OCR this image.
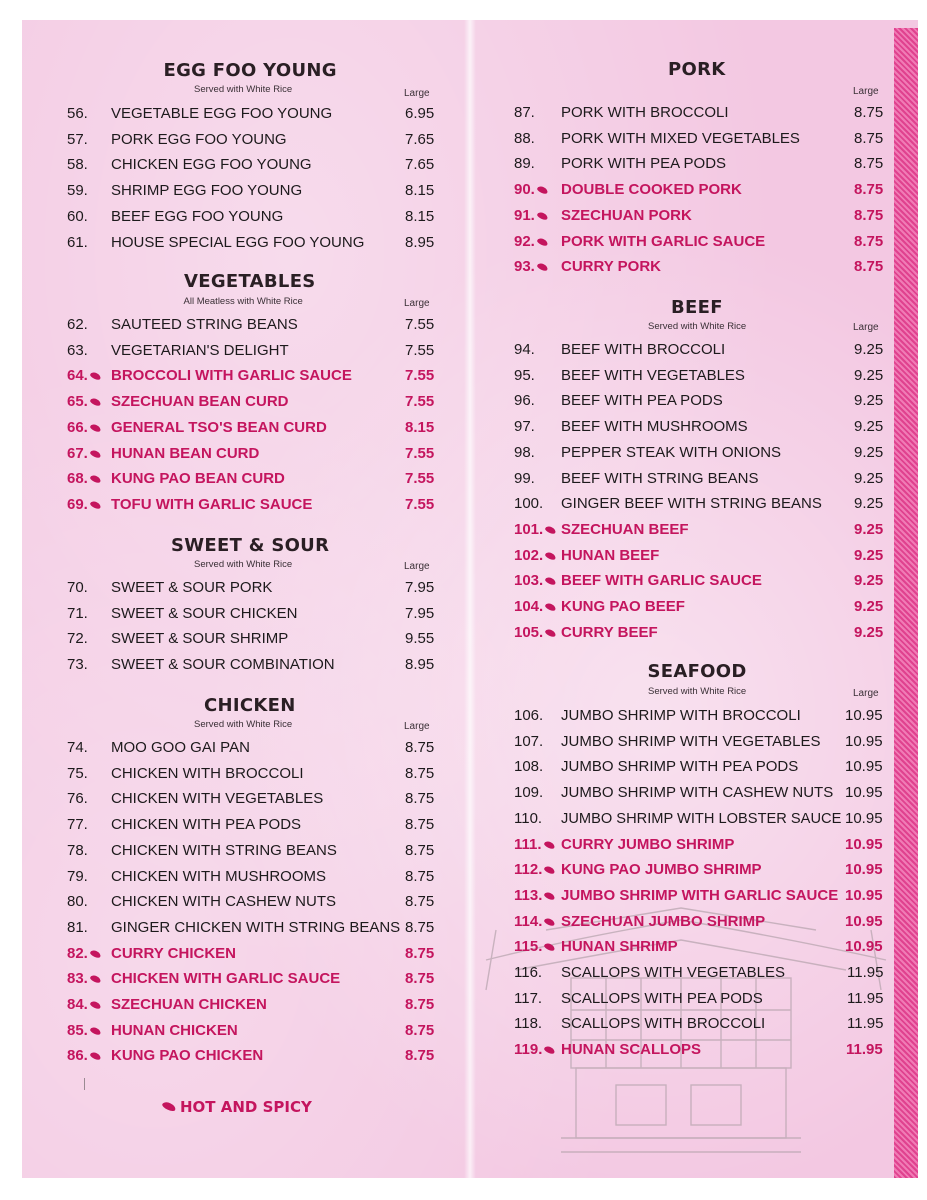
EGG FOO YOUNG
Served with White Rice	Large
56. VEGETABLE EGG FOO YOUNG	6.95
57. PORK EGG FOO YOUNG	7.65
58. CHICKEN EGG FOO YOUNG	7.65
59. SHRIMP EGG FOO YOUNG	8.15
60. BEEF EGG FOO YOUNG	8.15
61. HOUSE SPECIAL EGG FOO YOUNG	8.95
VEGETABLES
All Meatless with White Rice	Large
62. SAUTEED STRING BEANS	7.55
63. VEGETARIAN'S DELIGHT	7.55
64. BROCCOLI WITH GARLIC SAUCE	7.55
65. SZECHUAN BEAN CURD	7.55
66. GENERAL TSO'S BEAN CURD	8.15
67. HUNAN BEAN CURD	7.55
68. KUNG PAO BEAN CURD	7.55
69. TOFU WITH GARLIC SAUCE	7.55
SWEET & SOUR
Served with White Rice	Large
70. SWEET & SOUR PORK	7.95
71. SWEET & SOUR CHICKEN	7.95
72. SWEET & SOUR SHRIMP	9.55
73. SWEET & SOUR COMBINATION	8.95
CHICKEN
Served with White Rice	Large
74. MOO GOO GAI PAN	8.75
75. CHICKEN WITH BROCCOLI	8.75
76. CHICKEN WITH VEGETABLES	8.75
77. CHICKEN WITH PEA PODS	8.75
78. CHICKEN WITH STRING BEANS	8.75
79. CHICKEN WITH MUSHROOMS	8.75
80. CHICKEN WITH CASHEW NUTS	8.75
81. GINGER CHICKEN WITH STRING BEANS 8.75
82. CURRY CHICKEN	8.75
83. CHICKEN WITH GARLIC SAUCE	8.75
84. SZECHUAN CHICKEN	8.75
85. HUNAN CHICKEN	8.75
86. KUNG PAO CHICKEN	8.75
PORK
Large
87. PORK WITH BROCCOLI	8.75
88. PORK WITH MIXED VEGETABLES	8.75
89. PORK WITH PEA PODS	8.75
90. DOUBLE COOKED PORK	8.75
91. SZECHUAN PORK	8.75
92. PORK WITH GARLIC SAUCE	8.75
93. CURRY PORK	8.75
BEEF
Served with White Rice	Large
94. BEEF WITH BROCCOLI	9.25
95. BEEF WITH VEGETABLES	9.25
96. BEEF WITH PEA PODS	9.25
97. BEEF WITH MUSHROOMS	9.25
98. PEPPER STEAK WITH ONIONS	9.25
99. BEEF WITH STRING BEANS	9.25
100. GINGER BEEF WITH STRING BEANS 9.25
101. SZECHUAN BEEF	9.25
102. HUNAN BEEF	9.25
103. BEEF WITH GARLIC SAUCE	9.25
104. KUNG PAO BEEF	9.25
105. CURRY BEEF	9.25
SEAFOOD
Served with White Rice	Large
106. JUMBO SHRIMP WITH BROCCOLI	10.95
107. JUMBO SHRIMP WITH VEGETABLES 10.95
108. JUMBO SHRIMP WITH PEA PODS	10.95
109. JUMBO SHRIMP WITH CASHEW NUTS 10.95
110. JUMBO SHRIMP WITH LOBSTER SAUCE 10.95
111. CURRY JUMBO SHRIMP	10.95
112. KUNG PAO JUMBO SHRIMP	10.95
113. JUMBO SHRIMP WITH GARLIC SAUCE 10.95
114. SZECHUAN JUMBO SHRIMP	10.95
115. HUNAN SHRIMP	10.95
116. SCALLOPS WITH VEGETABLES	11.95
117. SCALLOPS WITH PEA PODS	11.95
118. SCALLOPS WITH BROCCOLI	11.95
119. HUNAN SCALLOPS	11.95
HOT AND SPICY
